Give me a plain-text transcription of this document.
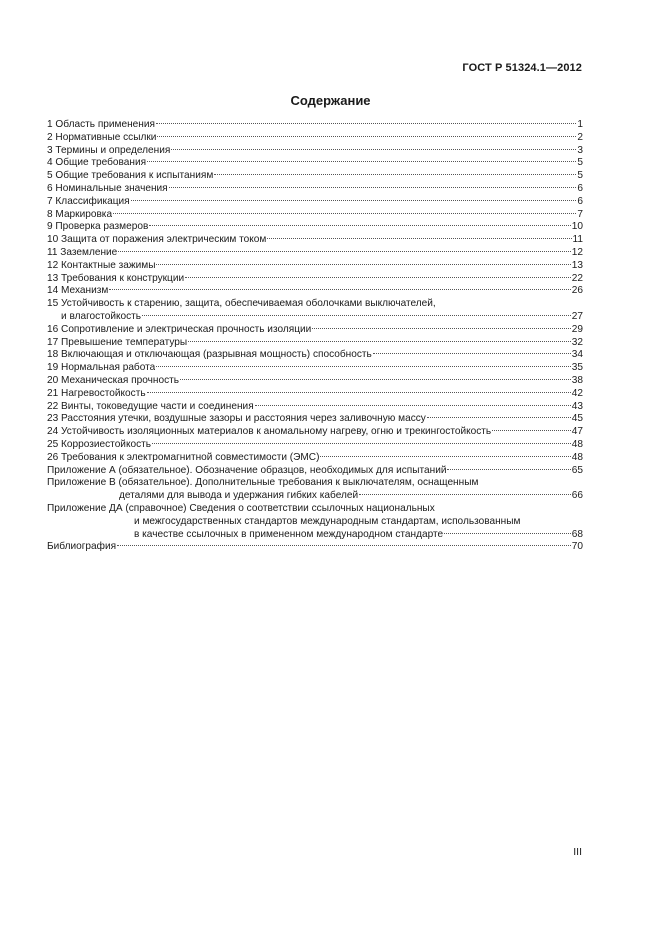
ГОСТ Р 51324.1—2012
Содержание
1 Область применения	1
2 Нормативные ссылки	2
3 Термины и определения	3
4 Общие требования	5
5 Общие требования к испытаниям	5
6 Номинальные значения	6
7 Классификация	6
8 Маркировка	7
9 Проверка размеров	10
10 Защита от поражения электрическим током	11
11 Заземление	12
12 Контактные зажимы	13
13 Требования к конструкции	22
14 Механизм	26
15 Устойчивость к старению, защита, обеспечиваемая оболочками выключателей,
и влагостойкость	27
16 Сопротивление и электрическая прочность изоляции	29
17 Превышение температуры	32
18 Включающая и отключающая (разрывная мощность) способность	34
19 Нормальная работа	35
20 Механическая прочность	38
21 Нагревостойкость	42
22 Винты, токоведущие части и соединения	43
23 Расстояния утечки, воздушные зазоры и расстояния через заливочную массу	45
24 Устойчивость изоляционных материалов к аномальному нагреву, огню и трекингостойкость	47
25 Коррозиестойкость	48
26 Требования к электромагнитной совместимости (ЭМС)	48
Приложение А (обязательное). Обозначение образцов, необходимых для испытаний	65
Приложение В (обязательное). Дополнительные требования к выключателям, оснащенным
деталями для вывода и удержания гибких кабелей	66
Приложение ДА (справочное) Сведения о соответствии ссылочных национальных
и межгосударственных стандартов международным стандартам, использованным
в качестве ссылочных в примененном международном стандарте	68
Библиография	70
III
